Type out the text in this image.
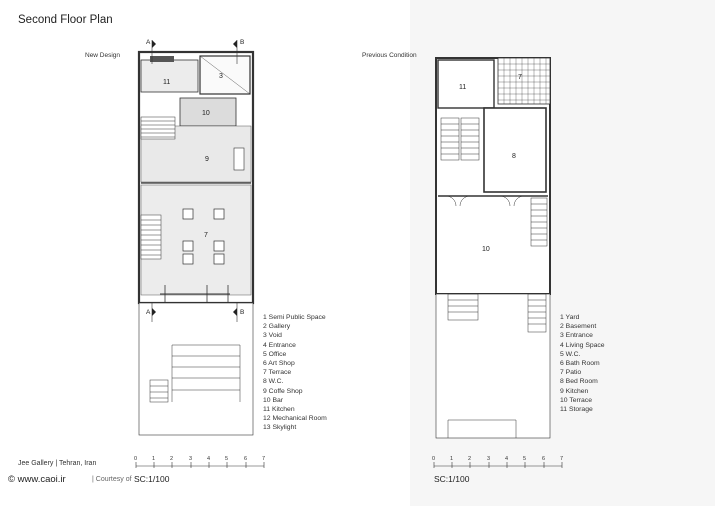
Second Floor Plan
New Design	Previous Condition
11
3
10
9
7
11
7
8
10
A	B
A	B
0	1	2	3	4	5	6	7	0	1	2	3	4	5	6	7
1 Semi Public Space
2 Gallery
3 Void
4 Entrance
5 Office
6 Art Shop
7 Terrace
8 W.C.
9 Coffe Shop
10 Bar
11 Kitchen
12 Mechanical Room
13 Skylight
1 Yard
2 Basement
3 Entrance
4 Living Space
5 W.C.
6 Bath Room
7 Patio
8 Bed Room
9 Kitchen
10 Terrace
11 Storage
SC:1/100	SC:1/100
Jee Gallery | Tehran, Iran
© www.caoi.ir	| Courtesy of
